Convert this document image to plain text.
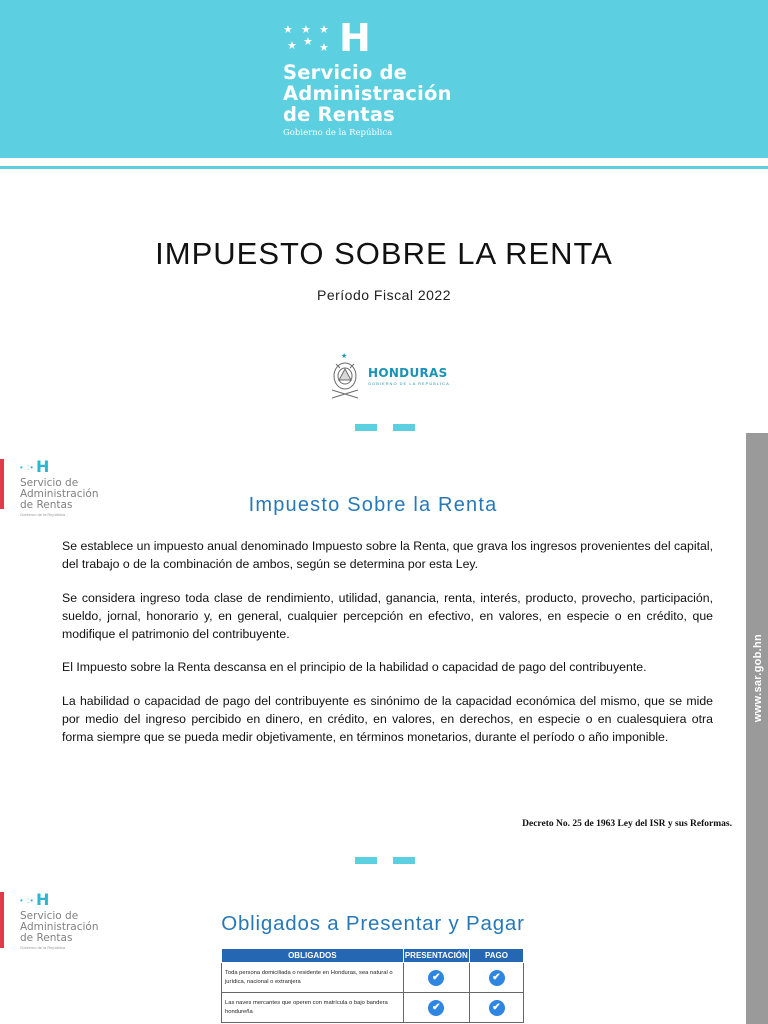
★ ★ ★
★ ★ ★ H
Servicio de
Administración
de Rentas
Gobierno de la República
IMPUESTO SOBRE LA RENTA
Período Fiscal 2022
★
HONDURAS
GOBIERNO DE LA REPÚBLICA
www.sar.gob.hn
• :• H
Servicio de
Administración
de Rentas
Gobierno de la República	Impuesto Sobre la Renta
Se establece un impuesto anual denominado Impuesto sobre la Renta, que grava los ingresos provenientes del capital, del trabajo o de la combinación de ambos, según se determina por esta Ley.
Se considera ingreso toda clase de rendimiento, utilidad, ganancia, renta, interés, producto, provecho, participación, sueldo, jornal, honorario y, en general, cualquier percepción en efectivo, en valores, en especie o en crédito, que modifique el patrimonio del contribuyente.
El Impuesto sobre la Renta descansa en el principio de la habilidad o capacidad de pago del contribuyente.
La habilidad o capacidad de pago del contribuyente es sinónimo de la capacidad económica del mismo, que se mide por medio del ingreso percibido en dinero, en crédito, en valores, en derechos, en especie o en cualesquiera otra forma siempre que se pueda medir objetivamente, en términos monetarios, durante el período o año imponible.
Decreto No. 25 de 1963 Ley del ISR y sus Reformas.
• :• H
Servicio de
Administración
de Rentas
Gobierno de la República
Obligados a Presentar y Pagar
OBLIGADOS	PRESENTACIÓN	PAGO
Toda persona domiciliada o residente en Honduras, sea natural o jurídica, nacional o extranjera	✔	✔
Las naves mercantes que operen con matrícula o bajo bandera hondureña	✔	✔
